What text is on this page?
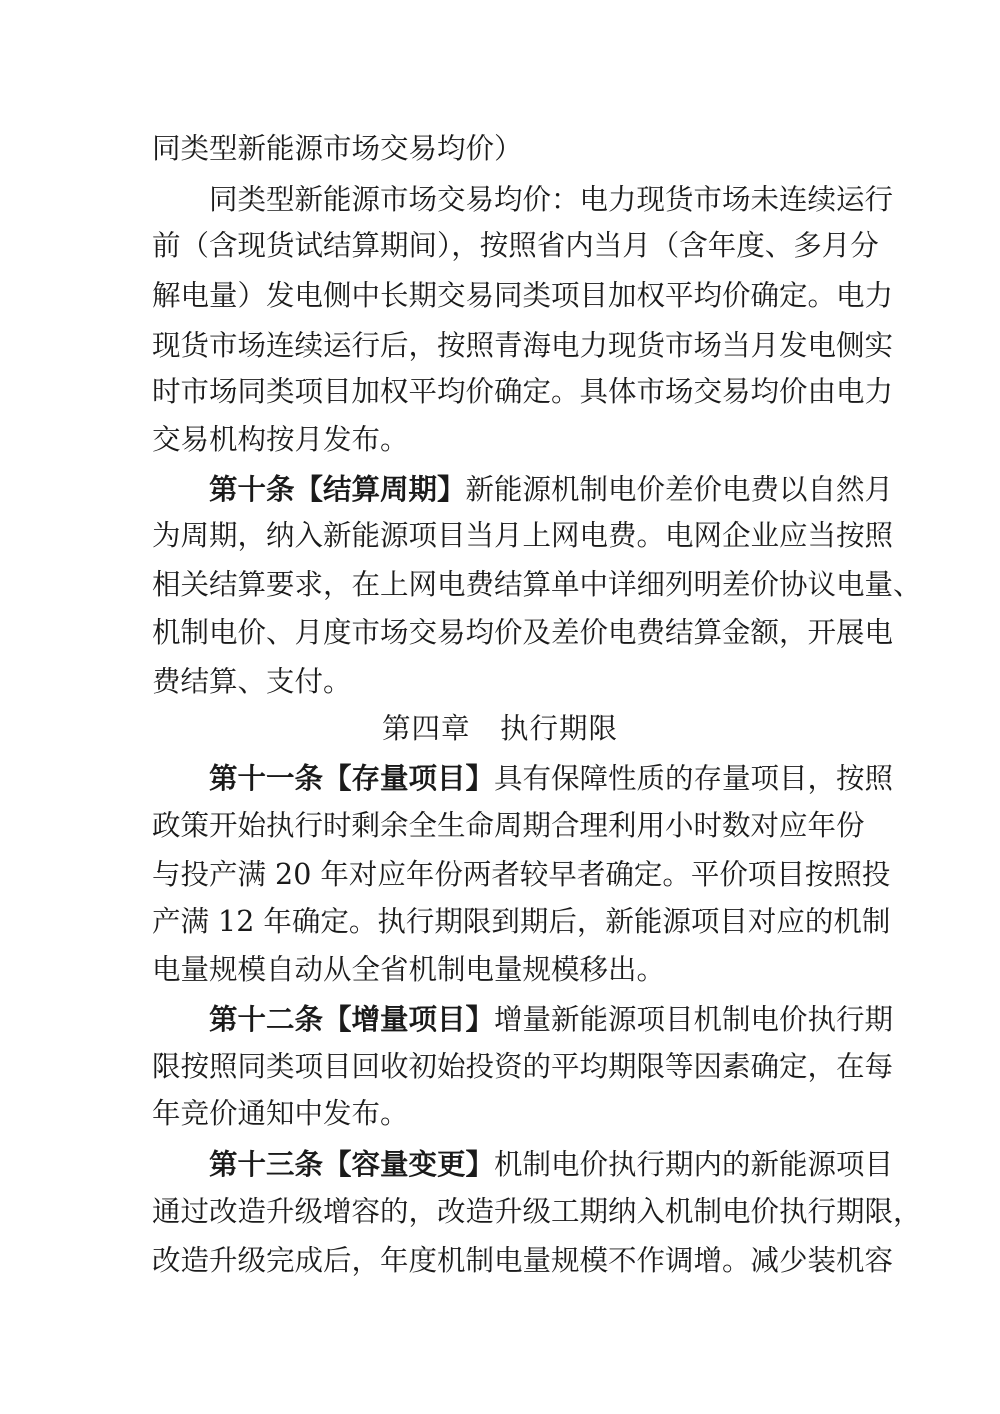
同类型新能源市场交易均价）
同类型新能源市场交易均价：电力现货市场未连续运行
前（含现货试结算期间），按照省内当月（含年度、多月分
解电量）发电侧中长期交易同类项目加权平均价确定。电力
现货市场连续运行后，按照青海电力现货市场当月发电侧实
时市场同类项目加权平均价确定。具体市场交易均价由电力
交易机构按月发布。
第十条【结算周期】新能源机制电价差价电费以自然月
为周期，纳入新能源项目当月上网电费。电网企业应当按照
相关结算要求，在上网电费结算单中详细列明差价协议电量、
机制电价、月度市场交易均价及差价电费结算金额，开展电
费结算、支付。
第四章　执行期限
第十一条【存量项目】具有保障性质的存量项目，按照
政策开始执行时剩余全生命周期合理利用小时数对应年份
与投产满 20 年对应年份两者较早者确定。平价项目按照投
产满 12 年确定。执行期限到期后，新能源项目对应的机制
电量规模自动从全省机制电量规模移出。
第十二条【增量项目】增量新能源项目机制电价执行期
限按照同类项目回收初始投资的平均期限等因素确定，在每
年竞价通知中发布。
第十三条【容量变更】机制电价执行期内的新能源项目
通过改造升级增容的，改造升级工期纳入机制电价执行期限，
改造升级完成后，年度机制电量规模不作调增。减少装机容
